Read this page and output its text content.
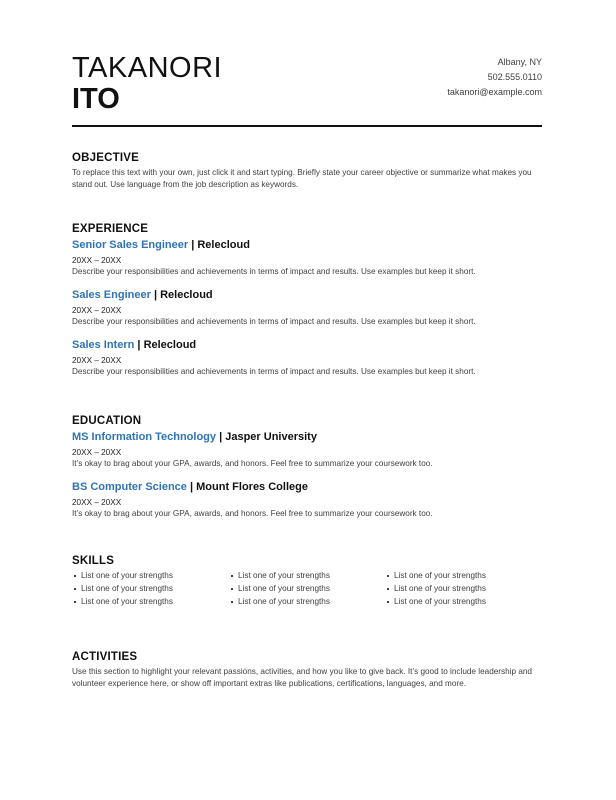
TAKANORI
ITO
Albany, NY
502.555.0110
takanori@example.com
OBJECTIVE

To replace this text with your own, just click it and start typing. Briefly state your career objective or summarize what makes you stand out. Use language from the job description as keywords.

EXPERIENCE
Senior Sales Engineer | Relecloud
20XX – 20XX

Describe your responsibilities and achievements in terms of impact and results. Use examples but keep it short.

Sales Engineer | Relecloud
20XX – 20XX

Describe your responsibilities and achievements in terms of impact and results. Use examples but keep it short.

Sales Intern | Relecloud
20XX – 20XX

Describe your responsibilities and achievements in terms of impact and results. Use examples but keep it short.

EDUCATION
MS Information Technology | Jasper University
20XX – 20XX

It’s okay to brag about your GPA, awards, and honors. Feel free to summarize your coursework too.

BS Computer Science | Mount Flores College
20XX – 20XX

It’s okay to brag about your GPA, awards, and honors. Feel free to summarize your coursework too.

SKILLS
List one of your strengths	List one of your strengths	List one of your strengths
List one of your strengths	List one of your strengths	List one of your strengths
List one of your strengths	List one of your strengths	List one of your strengths
ACTIVITIES

Use this section to highlight your relevant passions, activities, and how you like to give back. It’s good to include leadership and volunteer experience here, or show off important extras like publications, certifications, languages, and more.
